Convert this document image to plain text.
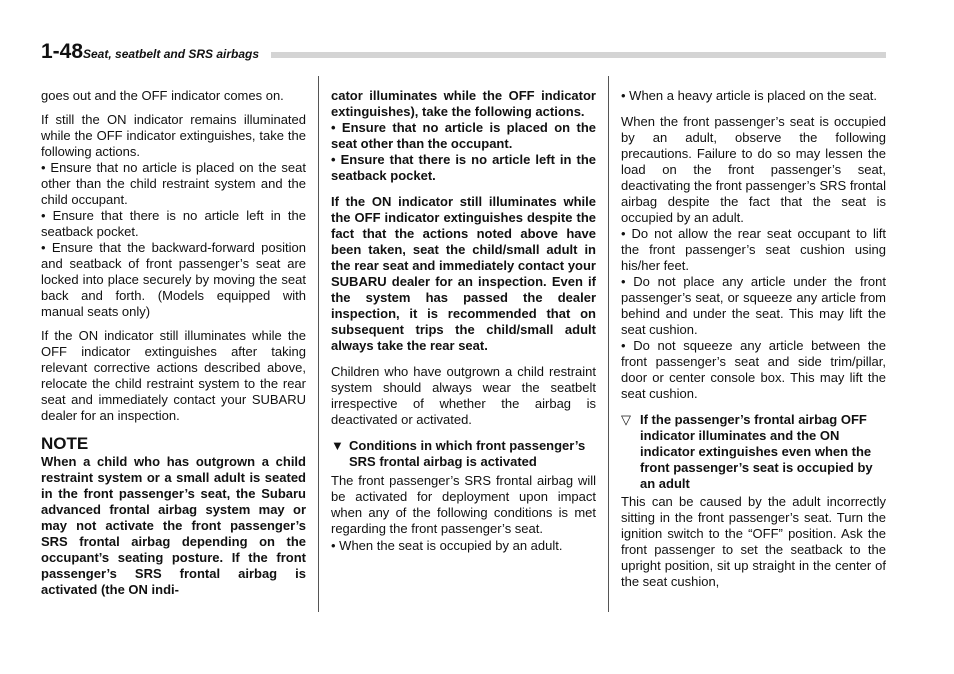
1-48 Seat, seatbelt and SRS airbags

goes out and the OFF indicator comes on.

If still the ON indicator remains illuminated while the OFF indicator extinguishes, take the following actions.

• Ensure that no article is placed on the seat other than the child restraint system and the child occupant.

• Ensure that there is no article left in the seatback pocket.

• Ensure that the backward-forward position and seatback of front passenger’s seat are locked into place securely by moving the seat back and forth. (Models equipped with manual seats only)

If the ON indicator still illuminates while the OFF indicator extinguishes after taking relevant corrective actions described above, relocate the child restraint system to the rear seat and immediately contact your SUBARU dealer for an inspection.

NOTE

When a child who has outgrown a child restraint system or a small adult is seated in the front passenger’s seat, the Subaru advanced frontal airbag system may or may not activate the front passenger’s SRS frontal airbag depending on the occupant’s seating posture. If the front passenger’s SRS frontal airbag is activated (the ON indi-

cator illuminates while the OFF indicator extinguishes), take the following actions.

• Ensure that no article is placed on the seat other than the occupant.

• Ensure that there is no article left in the seatback pocket.

If the ON indicator still illuminates while the OFF indicator extinguishes despite the fact that the actions noted above have been taken, seat the child/small adult in the rear seat and immediately contact your SUBARU dealer for an inspection. Even if the system has passed the dealer inspection, it is recommended that on subsequent trips the child/small adult always take the rear seat.

Children who have outgrown a child restraint system should always wear the seatbelt irrespective of whether the airbag is deactivated or activated.

▼ Conditions in which front passenger’s SRS frontal airbag is activated

The front passenger’s SRS frontal airbag will be activated for deployment upon impact when any of the following conditions is met regarding the front passenger’s seat.

• When the seat is occupied by an adult.

• When a heavy article is placed on the seat.

When the front passenger’s seat is occupied by an adult, observe the following precautions. Failure to do so may lessen the load on the front passenger’s seat, deactivating the front passenger’s SRS frontal airbag despite the fact that the seat is occupied by an adult.

• Do not allow the rear seat occupant to lift the front passenger’s seat cushion using his/her feet.

• Do not place any article under the front passenger’s seat, or squeeze any article from behind and under the seat. This may lift the seat cushion.

• Do not squeeze any article between the front passenger’s seat and side trim/pillar, door or center console box. This may lift the seat cushion.

▽ If the passenger’s frontal airbag OFF indicator illuminates and the ON indicator extinguishes even when the front passenger’s seat is occupied by an adult

This can be caused by the adult incorrectly sitting in the front passenger’s seat. Turn the ignition switch to the “OFF” position. Ask the front passenger to set the seatback to the upright position, sit up straight in the center of the seat cushion,
